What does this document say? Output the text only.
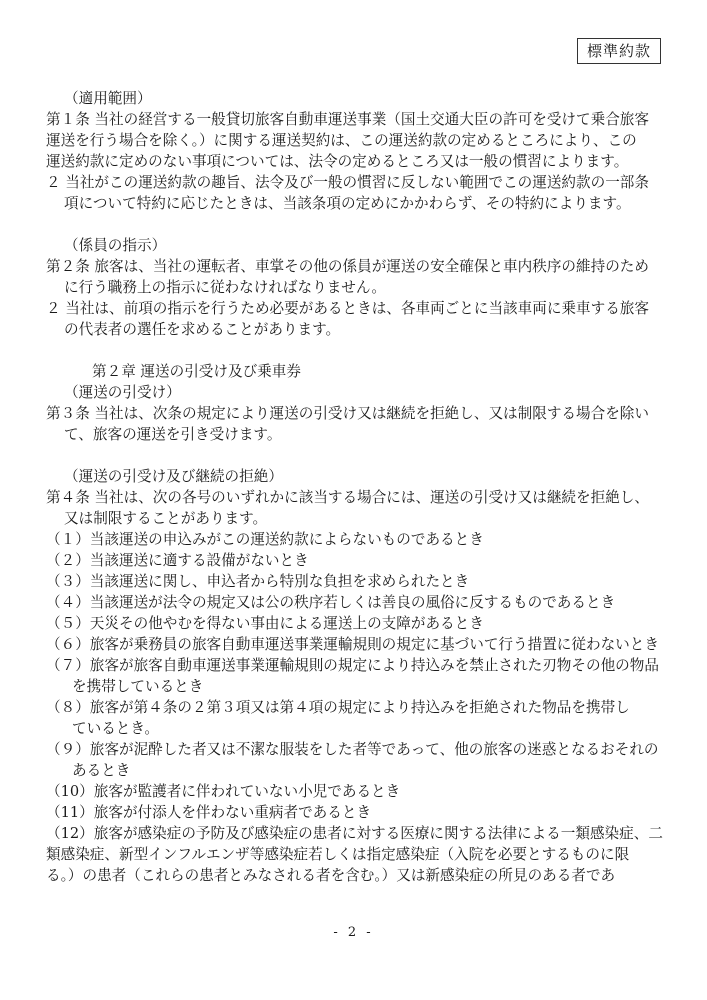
標準約款
（適用範囲）
第１条 当社の経営する一般貸切旅客自動車運送事業（国土交通大臣の許可を受けて乗合旅客
運送を行う場合を除く。）に関する運送契約は、この運送約款の定めるところにより、この
運送約款に定めのない事項については、法令の定めるところ又は一般の慣習によります。
２ 当社がこの運送約款の趣旨、法令及び一般の慣習に反しない範囲でこの運送約款の一部条
項について特約に応じたときは、当該条項の定めにかかわらず、その特約によります。
（係員の指示）
第２条 旅客は、当社の運転者、車掌その他の係員が運送の安全確保と車内秩序の維持のため
に行う職務上の指示に従わなければなりません。
２ 当社は、前項の指示を行うため必要があるときは、各車両ごとに当該車両に乗車する旅客
の代表者の選任を求めることがあります。
第２章 運送の引受け及び乗車券
（運送の引受け）
第３条 当社は、次条の規定により運送の引受け又は継続を拒絶し、又は制限する場合を除い
て、旅客の運送を引き受けます。
（運送の引受け及び継続の拒絶）
第４条 当社は、次の各号のいずれかに該当する場合には、運送の引受け又は継続を拒絶し、
又は制限することがあります。
（１）当該運送の申込みがこの運送約款によらないものであるとき
（２）当該運送に適する設備がないとき
（３）当該運送に関し、申込者から特別な負担を求められたとき
（４）当該運送が法令の規定又は公の秩序若しくは善良の風俗に反するものであるとき
（５）天災その他やむを得ない事由による運送上の支障があるとき
（６）旅客が乗務員の旅客自動車運送事業運輸規則の規定に基づいて行う措置に従わないとき
（７）旅客が旅客自動車運送事業運輸規則の規定により持込みを禁止された刃物その他の物品
を携帯しているとき
（８）旅客が第４条の２第３項又は第４項の規定により持込みを拒絶された物品を携帯し
ているとき。
（９）旅客が泥酔した者又は不潔な服装をした者等であって、他の旅客の迷惑となるおそれの
あるとき
（10）旅客が監護者に伴われていない小児であるとき
（11）旅客が付添人を伴わない重病者であるとき
（12）旅客が感染症の予防及び感染症の患者に対する医療に関する法律による一類感染症、二
類感染症、新型インフルエンザ等感染症若しくは指定感染症（入院を必要とするものに限
る。）の患者（これらの患者とみなされる者を含む。）又は新感染症の所見のある者であ
- 2 -
